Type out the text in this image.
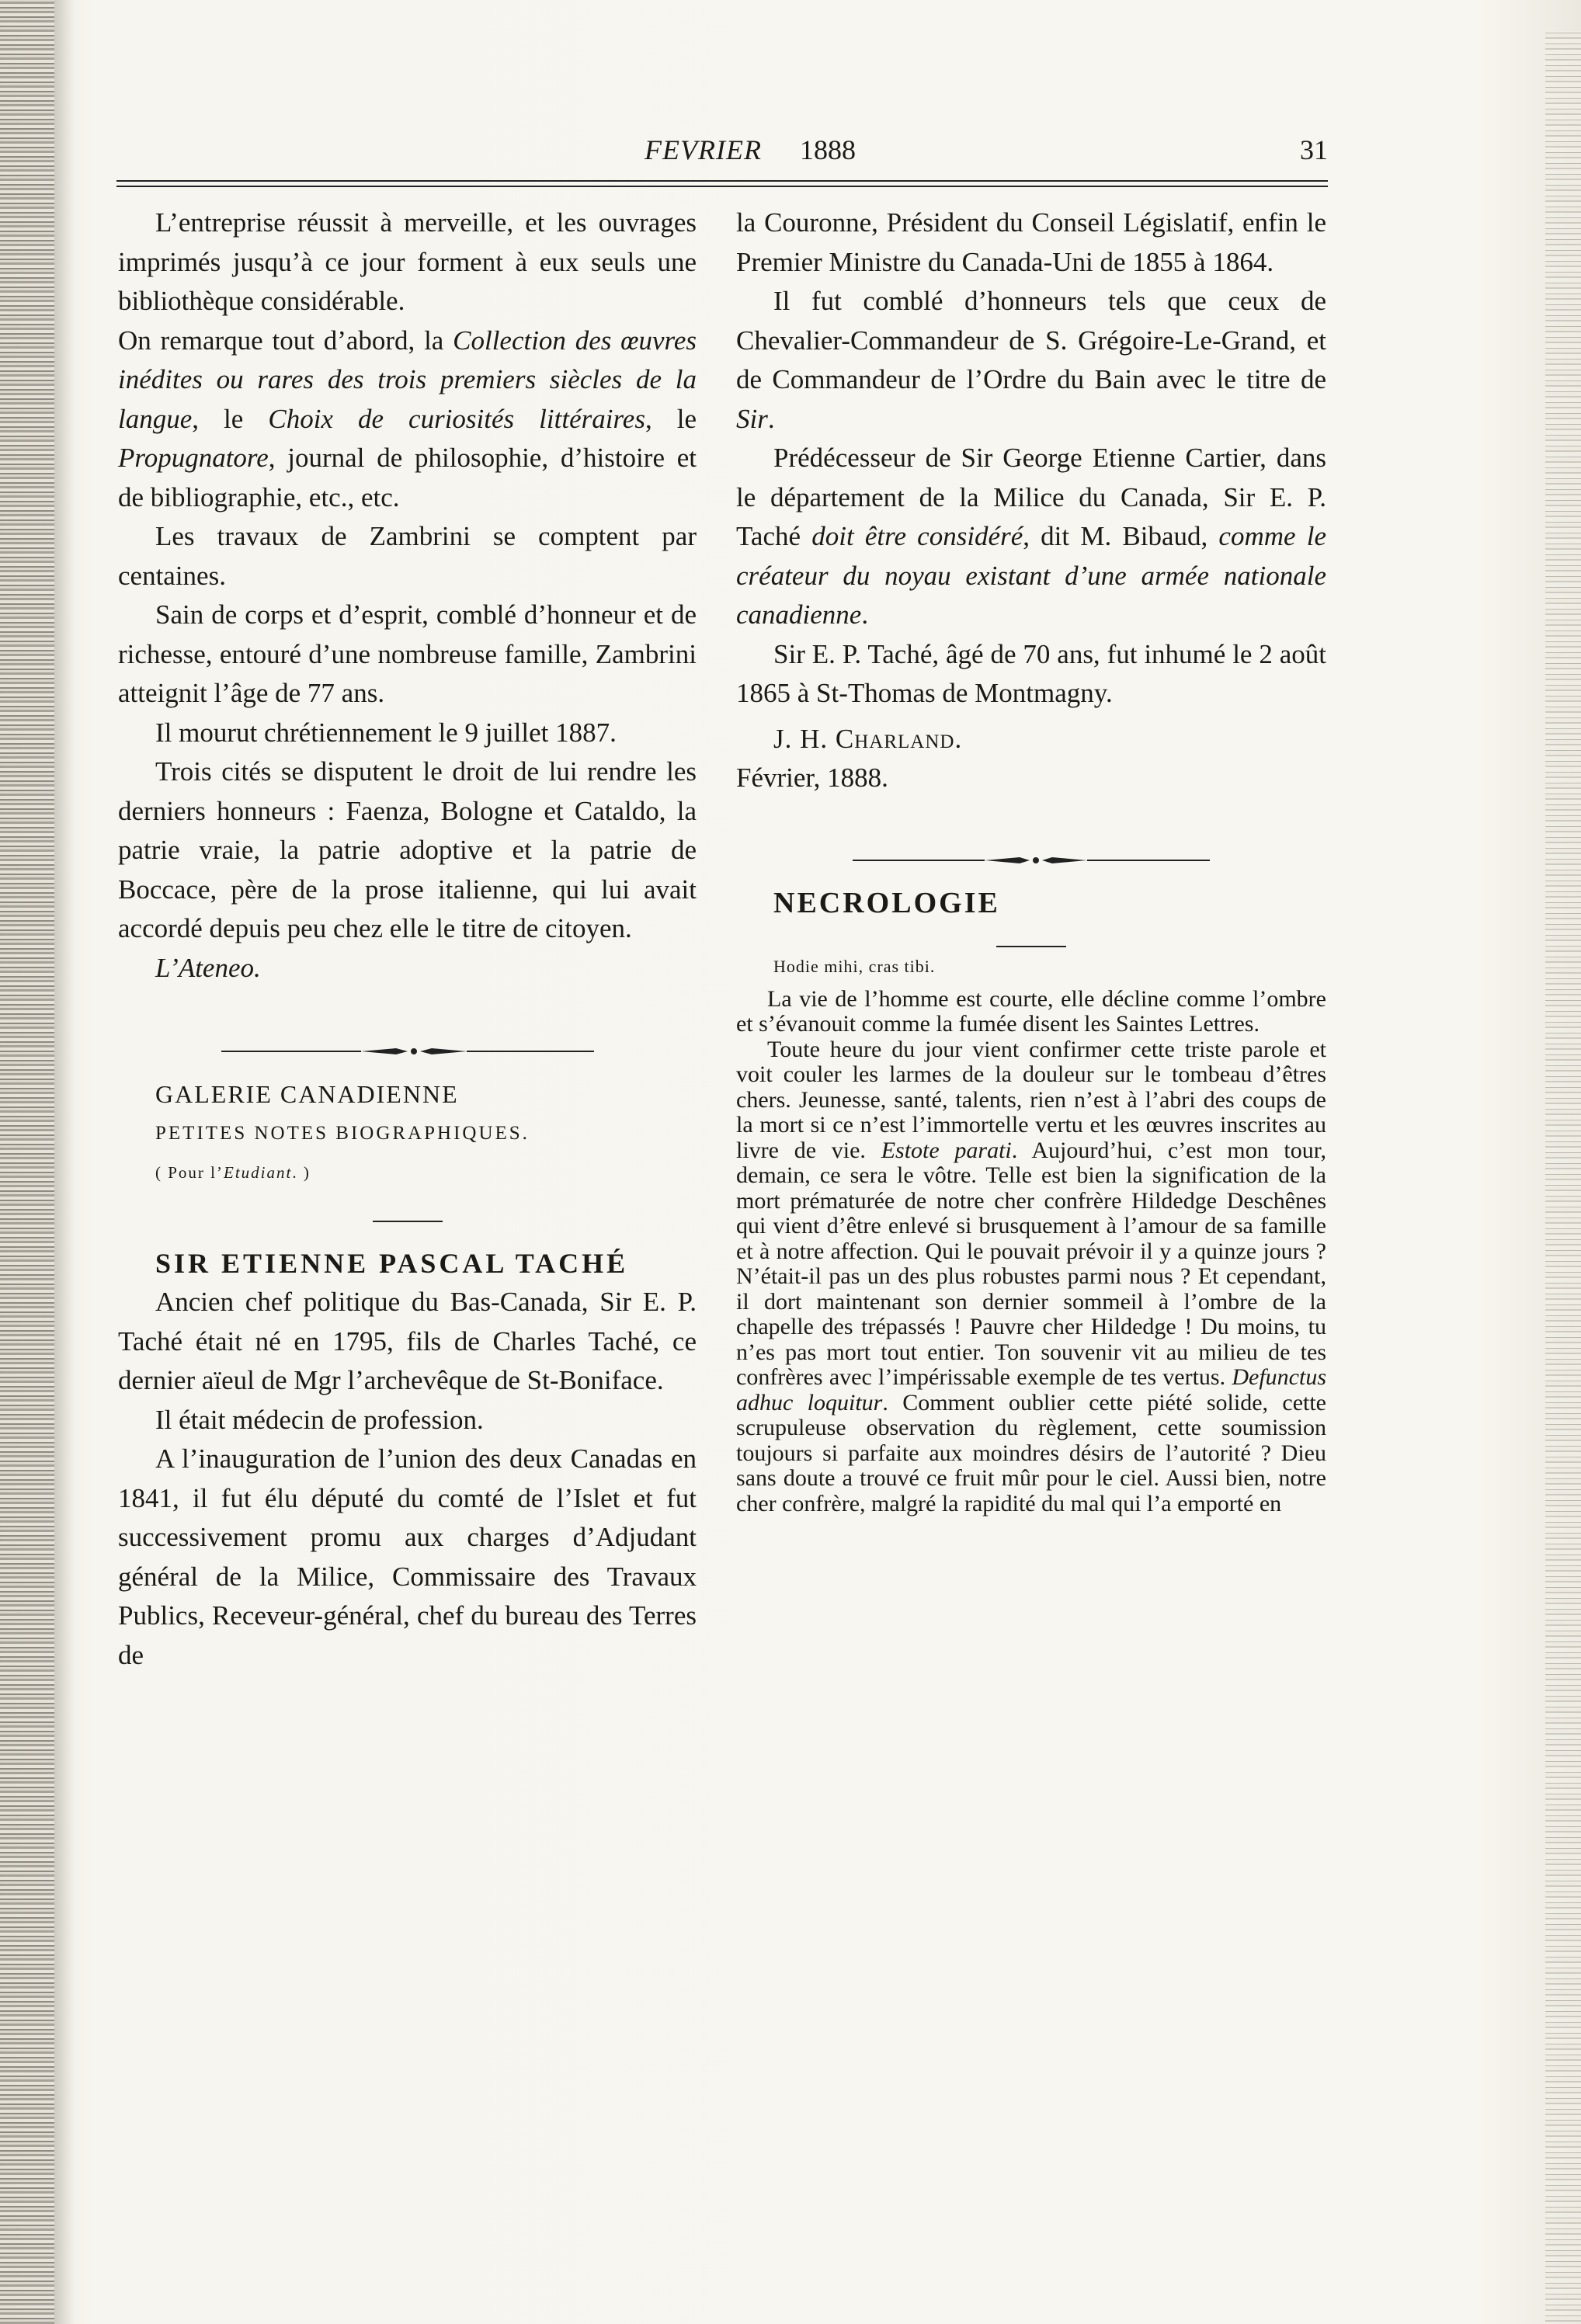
FEVRIER 1888	31

L’entreprise réussit à merveille, et les ouvrages imprimés jusqu’à ce jour forment à eux seuls une bibliothèque considérable.

On remarque tout d’abord, la Collection des œuvres inédites ou rares des trois premiers siècles de la langue, le Choix de curiosités littéraires, le Propugnatore, journal de philosophie, d’histoire et de bibliographie, etc., etc.

Les travaux de Zambrini se comptent par centaines.

Sain de corps et d’esprit, comblé d’honneur et de richesse, entouré d’une nombreuse famille, Zambrini atteignit l’âge de 77 ans.

Il mourut chrétiennement le 9 juillet 1887.

Trois cités se disputent le droit de lui rendre les derniers honneurs : Faenza, Bologne et Cataldo, la patrie vraie, la patrie adoptive et la patrie de Boccace, père de la prose italienne, qui lui avait accordé depuis peu chez elle le titre de citoyen.

L’Ateneo.

GALERIE CANADIENNE

PETITES NOTES BIOGRAPHIQUES.

( Pour l’Etudiant. )

SIR ETIENNE PASCAL TACHÉ

Ancien chef politique du Bas-Canada, Sir E. P. Taché était né en 1795, fils de Charles Taché, ce dernier aïeul de Mgr l’archevêque de St-Boniface.

Il était médecin de profession.

A l’inauguration de l’union des deux Canadas en 1841, il fut élu député du comté de l’Islet et fut successivement promu aux charges d’Adjudant général de la Milice, Commissaire des Travaux Publics, Receveur-général, chef du bureau des Terres de

la Couronne, Président du Conseil Législatif, enfin le Premier Ministre du Canada-Uni de 1855 à 1864.

Il fut comblé d’honneurs tels que ceux de Chevalier-Commandeur de S. Grégoire-Le-Grand, et de Commandeur de l’Ordre du Bain avec le titre de Sir.

Prédécesseur de Sir George Etienne Cartier, dans le département de la Milice du Canada, Sir E. P. Taché doit être considéré, dit M. Bibaud, comme le créateur du noyau existant d’une armée nationale canadienne.

Sir E. P. Taché, âgé de 70 ans, fut inhumé le 2 août 1865 à St-Thomas de Montmagny.

J. H. Charland.

Février, 1888.

NECROLOGIE

Hodie mihi, cras tibi.

La vie de l’homme est courte, elle décline comme l’ombre et s’évanouit comme la fumée disent les Saintes Lettres.

Toute heure du jour vient confirmer cette triste parole et voit couler les larmes de la douleur sur le tombeau d’êtres chers. Jeunesse, santé, talents, rien n’est à l’abri des coups de la mort si ce n’est l’immortelle vertu et les œuvres inscrites au livre de vie. Estote parati. Aujourd’hui, c’est mon tour, demain, ce sera le vôtre. Telle est bien la signification de la mort prématurée de notre cher confrère Hildedge Deschênes qui vient d’être enlevé si brusquement à l’amour de sa famille et à notre affection. Qui le pouvait prévoir il y a quinze jours ? N’était-il pas un des plus robustes parmi nous ? Et cependant, il dort maintenant son dernier sommeil à l’ombre de la chapelle des trépassés ! Pauvre cher Hildedge ! Du moins, tu n’es pas mort tout entier. Ton souvenir vit au milieu de tes confrères avec l’impérissable exemple de tes vertus. Defunctus adhuc loquitur. Comment oublier cette piété solide, cette scrupuleuse observation du règlement, cette soumission toujours si parfaite aux moindres désirs de l’autorité ? Dieu sans doute a trouvé ce fruit mûr pour le ciel. Aussi bien, notre cher confrère, malgré la rapidité du mal qui l’a emporté en
